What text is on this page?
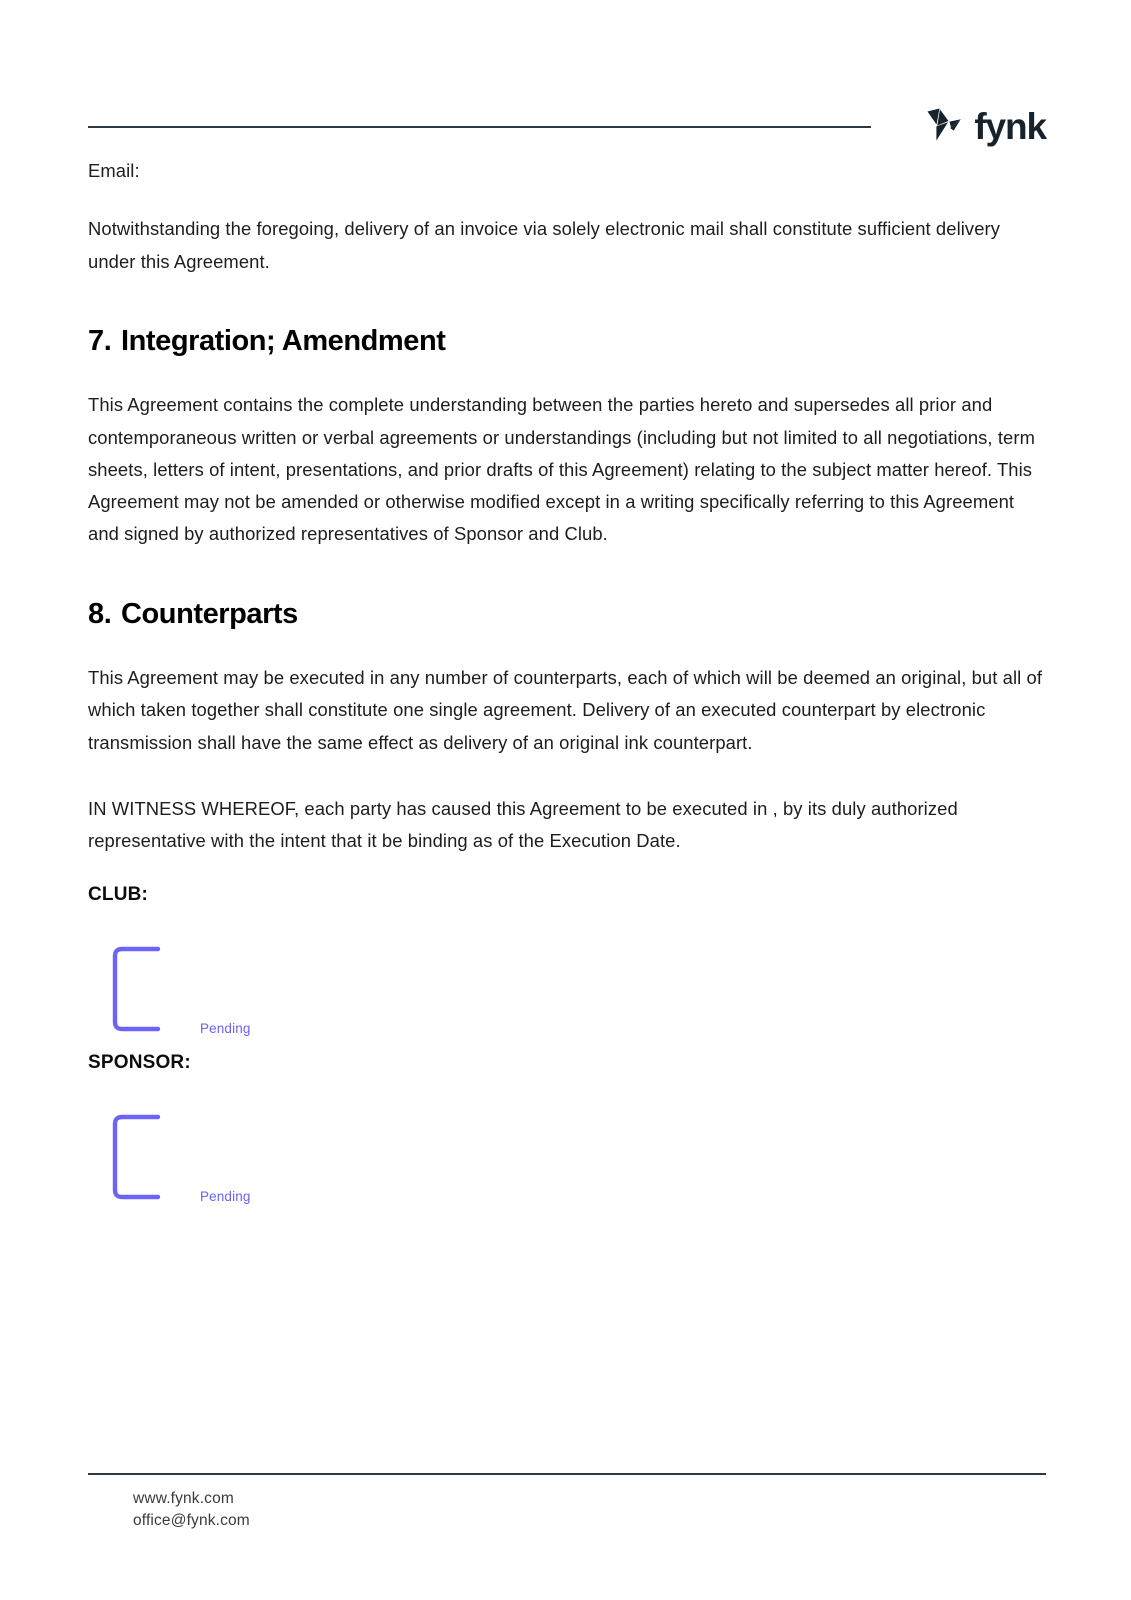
fynk

Email:

Notwithstanding the foregoing, delivery of an invoice via solely electronic mail shall constitute sufficient delivery under this Agreement.

7. Integration; Amendment

This Agreement contains the complete understanding between the parties hereto and supersedes all prior and contemporaneous written or verbal agreements or understandings (including but not limited to all negotiations, term sheets, letters of intent, presentations, and prior drafts of this Agreement) relating to the subject matter hereof. This Agreement may not be amended or otherwise modified except in a writing specifically referring to this Agreement and signed by authorized representatives of Sponsor and Club.

8. Counterparts

This Agreement may be executed in any number of counterparts, each of which will be deemed an original, but all of which taken together shall constitute one single agreement. Delivery of an executed counterpart by electronic transmission shall have the same effect as delivery of an original ink counterpart.

IN WITNESS WHEREOF, each party has caused this Agreement to be executed in , by its duly authorized representative with the intent that it be binding as of the Execution Date.

CLUB:

Pending

SPONSOR:

Pending
www.fynk.com
office@fynk.com
